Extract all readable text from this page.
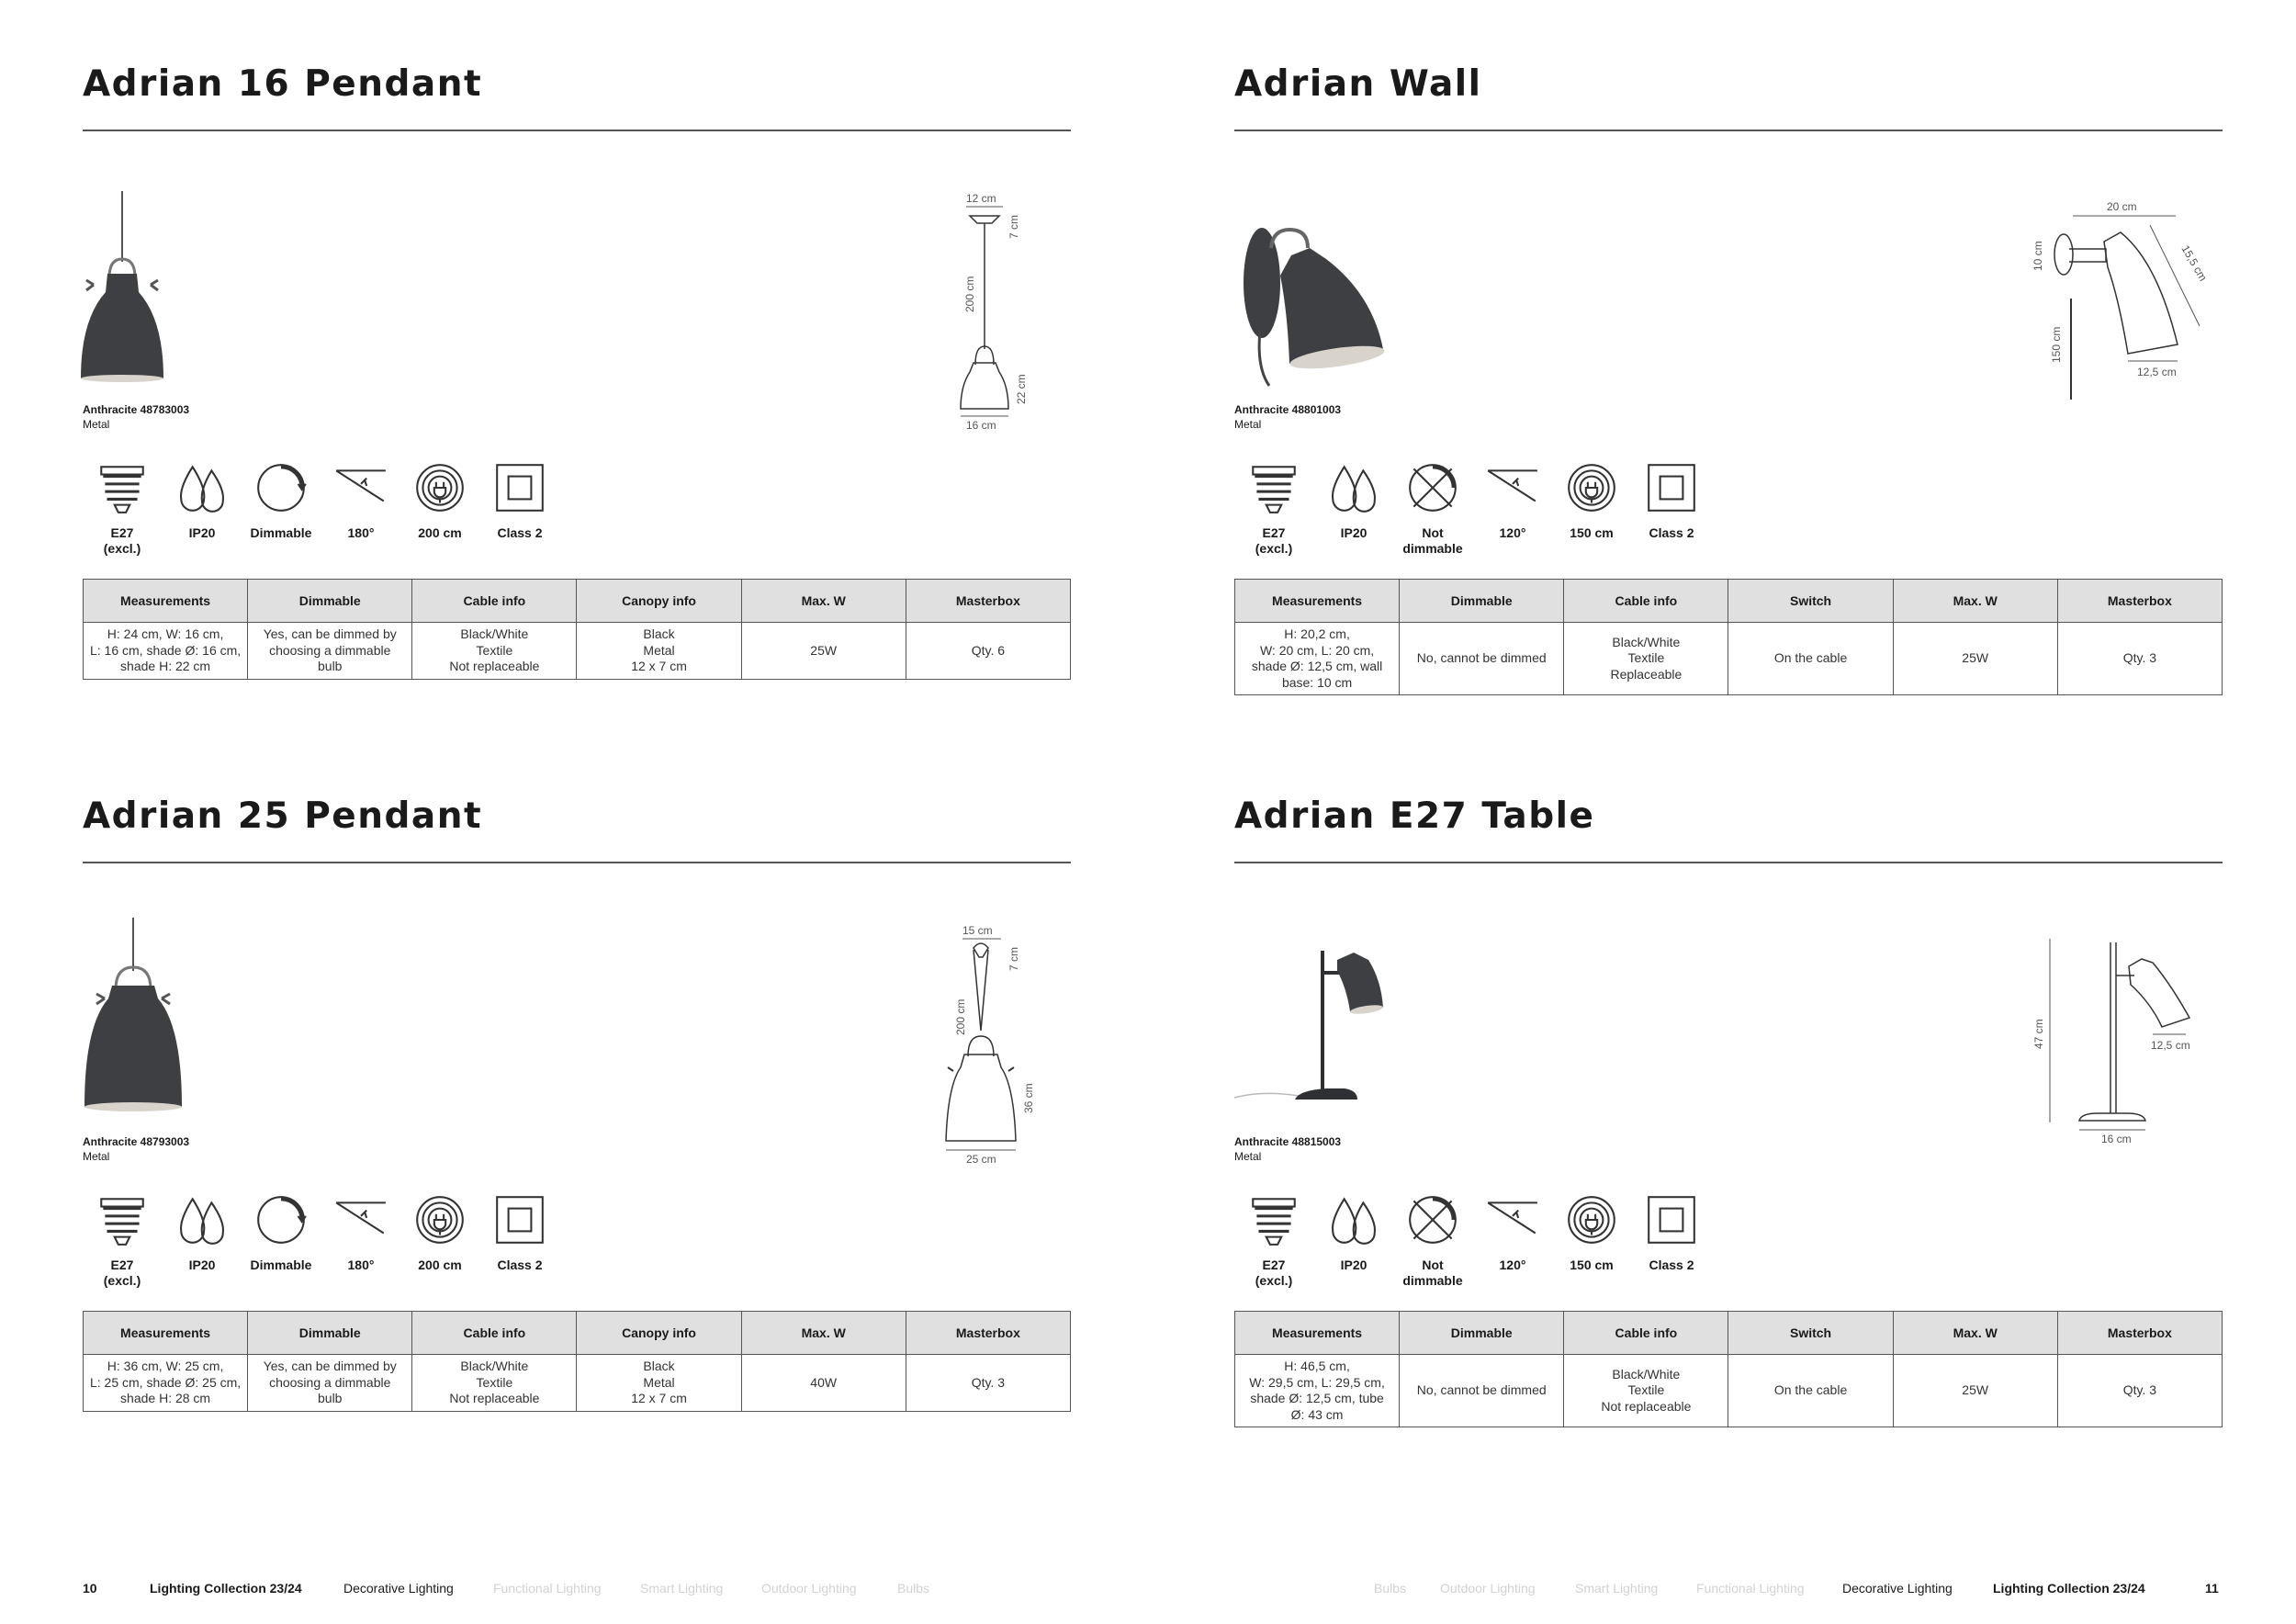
Adrian 16 Pendant
Anthracite 48783003
Metal
12 cm
7 cm
200 cm
22 cm
16 cm
E27
(excl.)
IP20	Dimmable	180°	200 cm	Class 2
Measurements	Dimmable	Cable info	Canopy info	Max. W	Masterbox
H: 24 cm, W: 16 cm,
L: 16 cm, shade Ø: 16 cm,
shade H: 22 cm	Yes, can be dimmed by
choosing a dimmable
bulb	Black/White
Textile
Not replaceable	Black
Metal
12 x 7 cm	25W	Qty. 6
Adrian Wall
Anthracite 48801003
Metal
20 cm
10 cm	15,5 cm
150 cm
12,5 cm
E27
(excl.)
IP20	Not
dimmable
120°	150 cm	Class 2
Measurements	Dimmable	Cable info	Switch	Max. W	Masterbox
H: 20,2 cm,
W: 20 cm, L: 20 cm,
shade Ø: 12,5 cm, wall
base: 10 cm	No, cannot be dimmed	Black/White
Textile
Replaceable	On the cable	25W	Qty. 3
Adrian 25 Pendant
Anthracite 48793003
Metal
15 cm
7 cm
200 cm
36 cm
25 cm
E27
(excl.)
IP20	Dimmable	180°	200 cm	Class 2
Measurements	Dimmable	Cable info	Canopy info	Max. W	Masterbox
H: 36 cm, W: 25 cm,
L: 25 cm, shade Ø: 25 cm,
shade H: 28 cm	Yes, can be dimmed by
choosing a dimmable
bulb	Black/White
Textile
Not replaceable	Black
Metal
12 x 7 cm	40W	Qty. 3
Adrian E27 Table
Anthracite 48815003
Metal
47 cm	12,5 cm
16 cm
E27
(excl.)
IP20	Not
dimmable
120°	150 cm	Class 2
Measurements	Dimmable	Cable info	Switch	Max. W	Masterbox
H: 46,5 cm,
W: 29,5 cm, L: 29,5 cm,
shade Ø: 12,5 cm, tube
Ø: 43 cm	No, cannot be dimmed	Black/White
Textile
Not replaceable	On the cable	25W	Qty. 3
10	Lighting Collection 23/24	Decorative Lighting	Functional Lighting	Smart Lighting	Outdoor Lighting	Bulbs	Bulbs	Outdoor Lighting	Smart Lighting	Functional Lighting	Decorative Lighting	Lighting Collection 23/24	11
